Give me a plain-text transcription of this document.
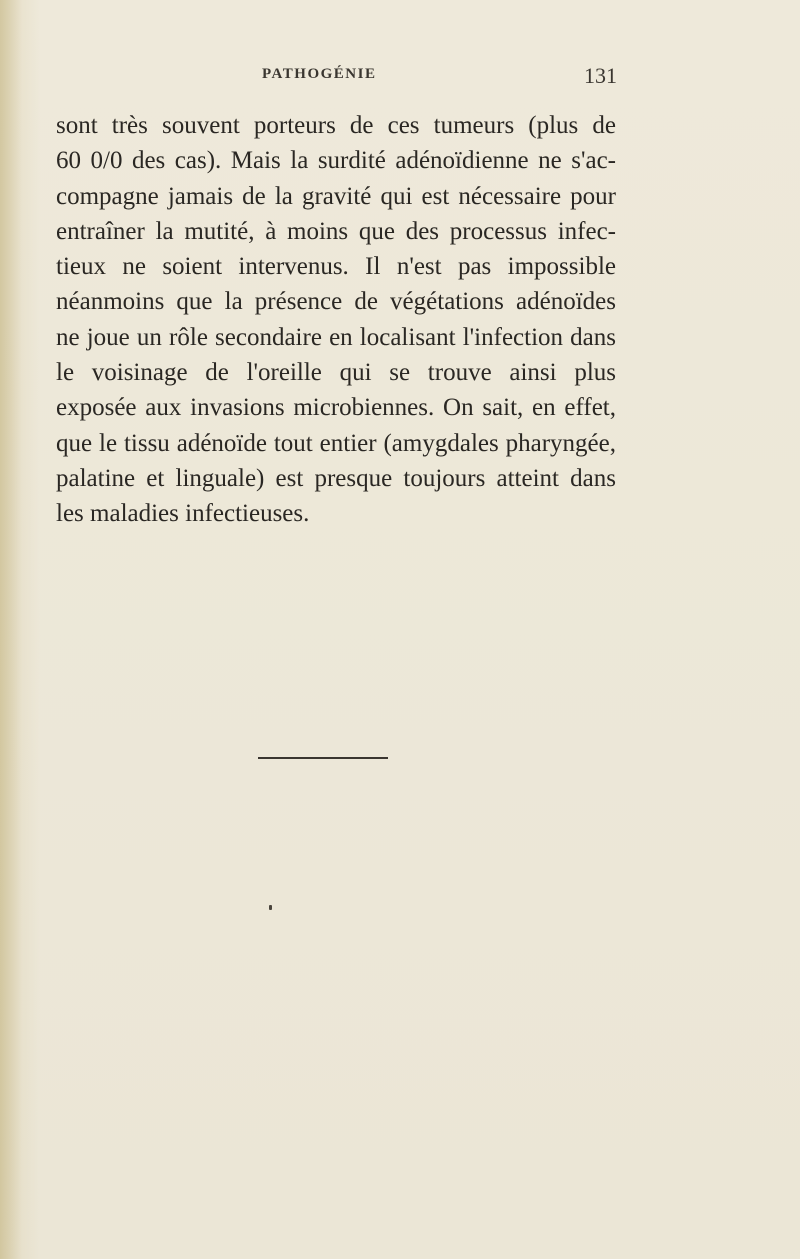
PATHOGÉNIE	131
sont très souvent porteurs de ces tumeurs (plus de
60 0/0 des cas). Mais la surdité adénoïdienne ne s'ac-
compagne jamais de la gravité qui est nécessaire pour
entraîner la mutité, à moins que des processus infec-
tieux ne soient intervenus. Il n'est pas impossible
néanmoins que la présence de végétations adénoïdes
ne joue un rôle secondaire en localisant l'infection dans
le voisinage de l'oreille qui se trouve ainsi plus
exposée aux invasions microbiennes. On sait, en effet,
que le tissu adénoïde tout entier (amygdales pharyngée,
palatine et linguale) est presque toujours atteint dans
les maladies infectieuses.
